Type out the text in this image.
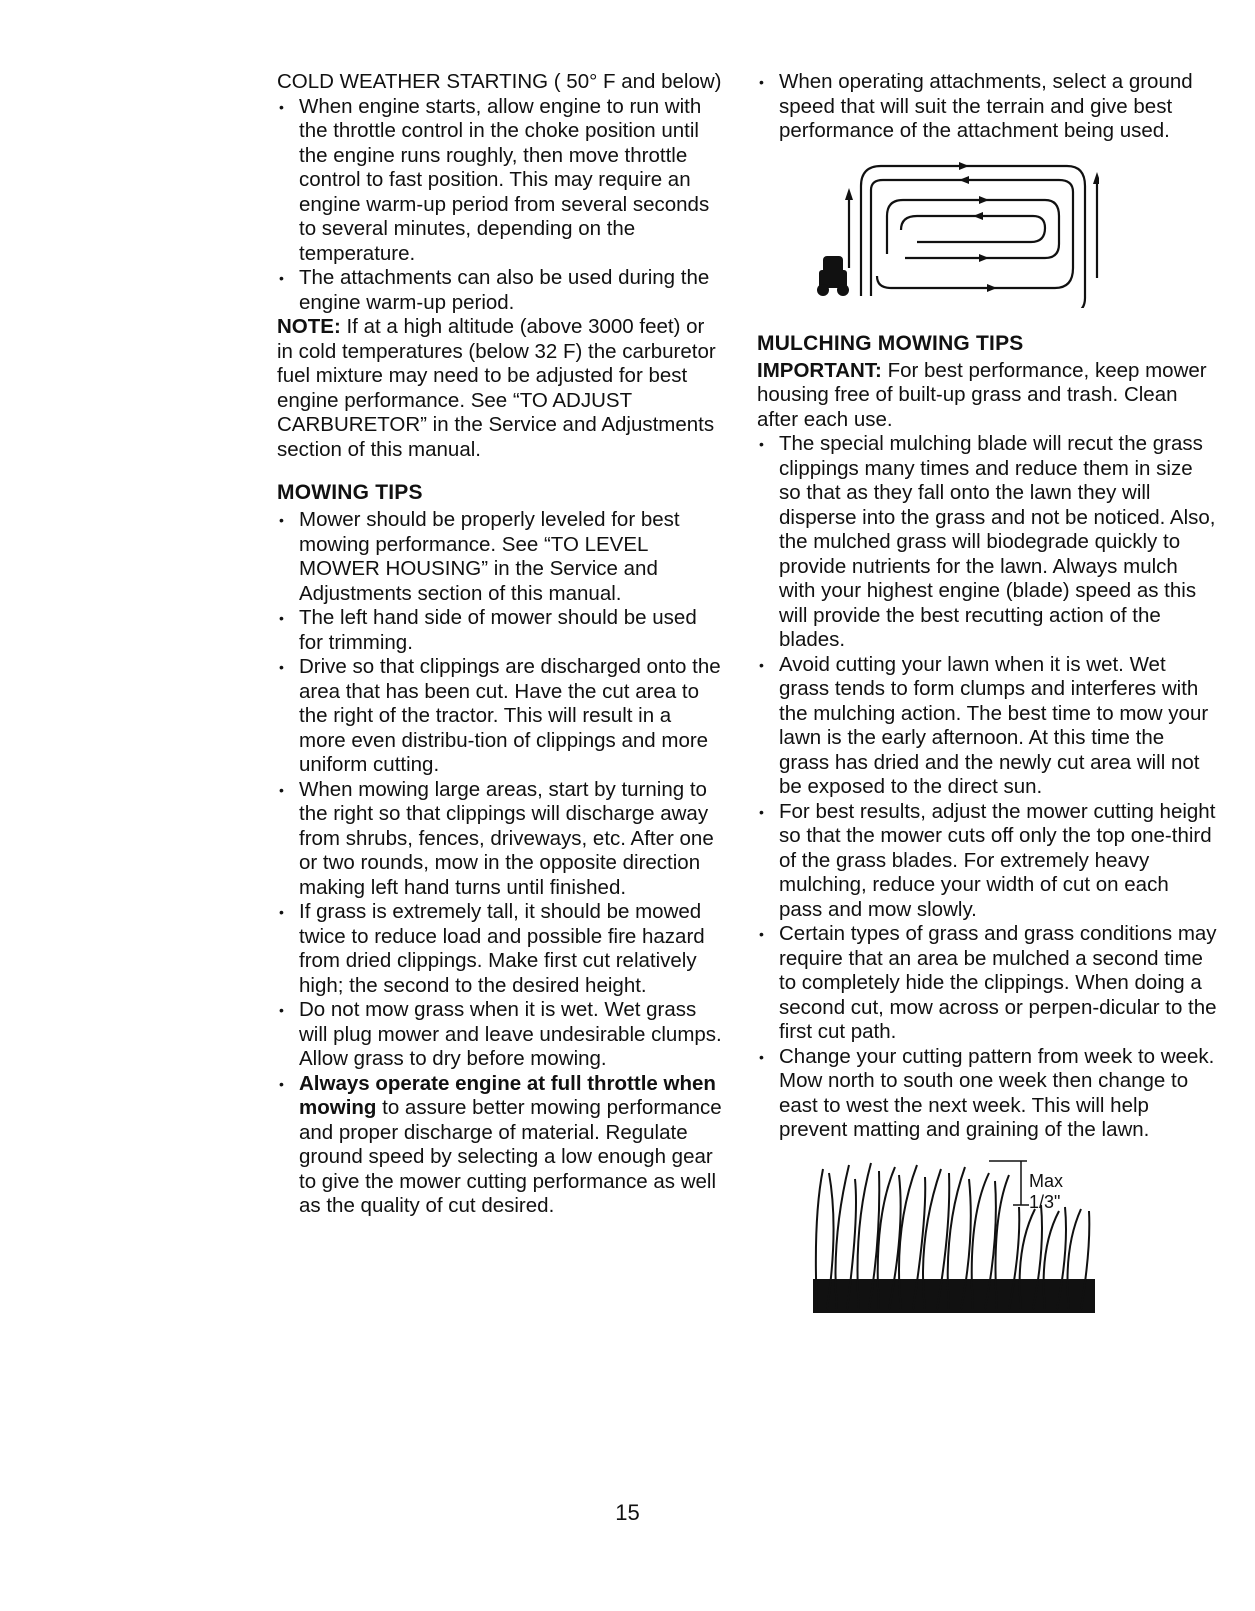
COLD WEATHER STARTING ( 50° F and below)
• When engine starts, allow engine to run with the throttle control in the choke position until the engine runs roughly, then move throttle control to fast position. This may require an engine warm-up period from several seconds to several minutes, depending on the temperature.
• The attachments can also be used during the engine warm-up period.
NOTE: If at a high altitude (above 3000 feet) or in cold temperatures (below 32 F) the carburetor fuel mixture may need to be adjusted for best engine performance. See “TO ADJUST CARBURETOR” in the Service and Adjustments section of this manual.
MOWING TIPS
• Mower should be properly leveled for best mowing performance. See “TO LEVEL MOWER HOUSING” in the Service and Adjustments section of this manual.
• The left hand side of mower should be used for trimming.
• Drive so that clippings are discharged onto the area that has been cut. Have the cut area to the right of the tractor. This will result in a more even distribu-tion of clippings and more uniform cutting.
• When mowing large areas, start by turning to the right so that clippings will discharge away from shrubs, fences, driveways, etc. After one or two rounds, mow in the opposite direction making left hand turns until finished.
• If grass is extremely tall, it should be mowed twice to reduce load and possible fire hazard from dried clippings. Make first cut relatively high; the second to the desired height.
• Do not mow grass when it is wet. Wet grass will plug mower and leave undesirable clumps. Allow grass to dry before mowing.
• Always operate engine at full throttle when mowing to assure better mowing performance and proper discharge of material. Regulate ground speed by selecting a low enough gear to give the mower cutting performance as well as the quality of cut desired.
• When operating attachments, select a ground speed that will suit the terrain and give best performance of the attachment being used.
MULCHING MOWING TIPS
IMPORTANT: For best performance, keep mower housing free of built-up grass and trash. Clean after each use.
• The special mulching blade will recut the grass clippings many times and reduce them in size so that as they fall onto the lawn they will disperse into the grass and not be noticed. Also, the mulched grass will biodegrade quickly to provide nutrients for the lawn. Always mulch with your highest engine (blade) speed as this will provide the best recutting action of the blades.
• Avoid cutting your lawn when it is wet. Wet grass tends to form clumps and interferes with the mulching action. The best time to mow your lawn is the early afternoon. At this time the grass has dried and the newly cut area will not be exposed to the direct sun.
• For best results, adjust the mower cutting height so that the mower cuts off only the top one-third of the grass blades. For extremely heavy mulching, reduce your width of cut on each pass and mow slowly.
• Certain types of grass and grass conditions may require that an area be mulched a second time to completely hide the clippings. When doing a second cut, mow across or perpen-dicular to the first cut path.
• Change your cutting pattern from week to week. Mow north to south one week then change to east to west the next week. This will help prevent matting and graining of the lawn.
Max 1/3"
15
